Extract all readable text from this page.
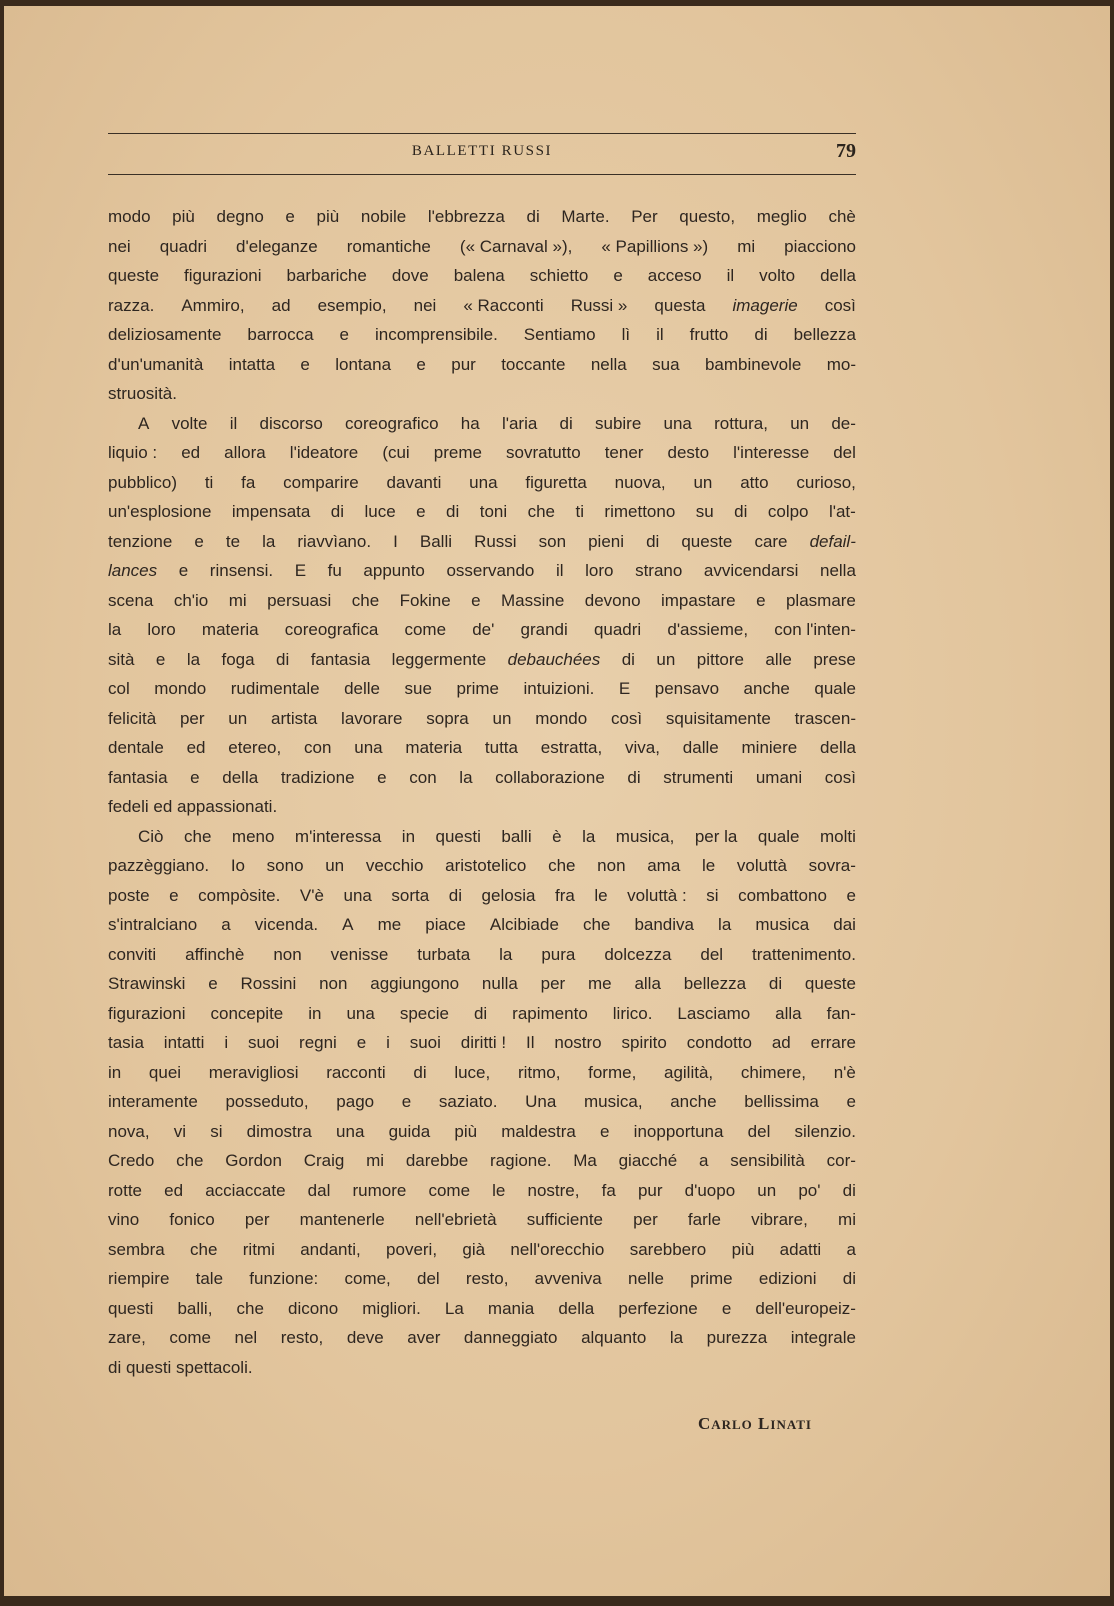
BALLETTI RUSSI	79
modo più degno e più nobile l'ebbrezza di Marte. Per questo, meglio chè
nei quadri d'eleganze romantiche (« Carnaval »), « Papillions ») mi piacciono
queste figurazioni barbariche dove balena schietto e acceso il volto della
razza. Ammiro, ad esempio, nei « Racconti Russi » questa imagerie così
deliziosamente barrocca e incomprensibile. Sentiamo lì il frutto di bellezza
d'un'umanità intatta e lontana e pur toccante nella sua bambinevole mo-
struosità.
A volte il discorso coreografico ha l'aria di subire una rottura, un de-
liquio : ed allora l'ideatore (cui preme sovratutto tener desto l'interesse del
pubblico) ti fa comparire davanti una figuretta nuova, un atto curioso,
un'esplosione impensata di luce e di toni che ti rimettono su di colpo l'at-
tenzione e te la riavvìano. I Balli Russi son pieni di queste care defail-
lances e rinsensi. E fu appunto osservando il loro strano avvicendarsi nella
scena ch'io mi persuasi che Fokine e Massine devono impastare e plasmare
la loro materia coreografica come de' grandi quadri d'assieme, con l'inten-
sità e la foga di fantasia leggermente debauchées di un pittore alle prese
col mondo rudimentale delle sue prime intuizioni. E pensavo anche quale
felicità per un artista lavorare sopra un mondo così squisitamente trascen-
dentale ed etereo, con una materia tutta estratta, viva, dalle miniere della
fantasia e della tradizione e con la collaborazione di strumenti umani così
fedeli ed appassionati.
Ciò che meno m'interessa in questi balli è la musica, per la quale molti
pazzèggiano. Io sono un vecchio aristotelico che non ama le voluttà sovra-
poste e compòsite. V'è una sorta di gelosia fra le voluttà : si combattono e
s'intralciano a vicenda. A me piace Alcibiade che bandiva la musica dai
conviti affinchè non venisse turbata la pura dolcezza del trattenimento.
Strawinski e Rossini non aggiungono nulla per me alla bellezza di queste
figurazioni concepite in una specie di rapimento lirico. Lasciamo alla fan-
tasia intatti i suoi regni e i suoi diritti ! Il nostro spirito condotto ad errare
in quei meravigliosi racconti di luce, ritmo, forme, agilità, chimere, n'è
interamente posseduto, pago e saziato. Una musica, anche bellissima e
nova, vi si dimostra una guida più maldestra e inopportuna del silenzio.
Credo che Gordon Craig mi darebbe ragione. Ma giacché a sensibilità cor-
rotte ed acciaccate dal rumore come le nostre, fa pur d'uopo un po' di
vino fonico per mantenerle nell'ebrietà sufficiente per farle vibrare, mi
sembra che ritmi andanti, poveri, già nell'orecchio sarebbero più adatti a
riempire tale funzione: come, del resto, avveniva nelle prime edizioni di
questi balli, che dicono migliori. La mania della perfezione e dell'europeiz-
zare, come nel resto, deve aver danneggiato alquanto la purezza integrale
di questi spettacoli.
CARLO LINATI
